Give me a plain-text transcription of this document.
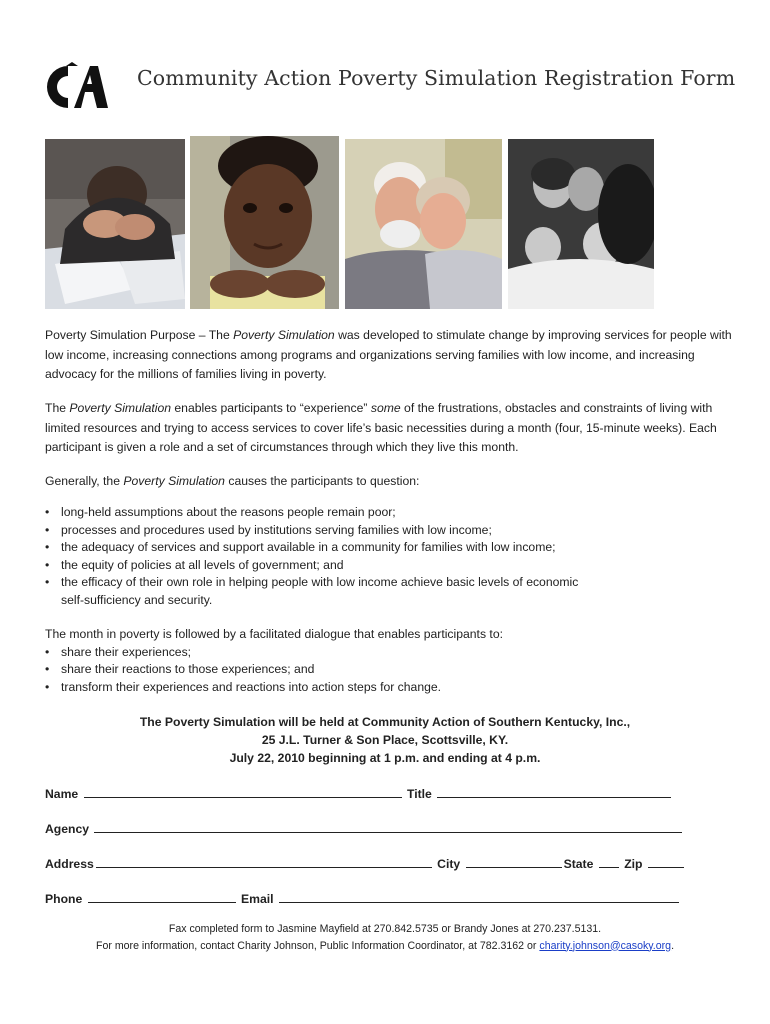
CA
Community Action Poverty Simulation Registration Form

Poverty Simulation Purpose – The Poverty Simulation was developed to stimulate change by improving services for people with low income, increasing connections among programs and organizations serving families with low income, and increasing advocacy for the millions of families living in poverty.

The Poverty Simulation enables participants to “experience” some of the frustrations, obstacles and constraints of living with limited resources and trying to access services to cover life’s basic necessities during a month (four, 15-minute weeks). Each participant is given a role and a set of circumstances through which they live this month.

Generally, the Poverty Simulation causes the participants to question:

• long-held assumptions about the reasons people remain poor;
• processes and procedures used by institutions serving families with low income;
• the adequacy of services and support available in a community for families with low income;
• the equity of policies at all levels of government; and
• the efficacy of their own role in helping people with low income achieve basic levels of economic self-sufficiency and security.

The month in poverty is followed by a facilitated dialogue that enables participants to:

• share their experiences;
• share their reactions to those experiences; and
• transform their experiences and reactions into action steps for change.
The Poverty Simulation will be held at Community Action of Southern Kentucky, Inc.,
25 J.L. Turner & Son Place, Scottsville, KY.
July 22, 2010 beginning at 1 p.m. and ending at 4 p.m.
Name	Title
Agency
Address	City	State	Zip
Phone	Email
Fax completed form to Jasmine Mayfield at 270.842.5735 or Brandy Jones at 270.237.5131.
For more information, contact Charity Johnson, Public Information Coordinator, at 782.3162 or charity.johnson@casoky.org.
